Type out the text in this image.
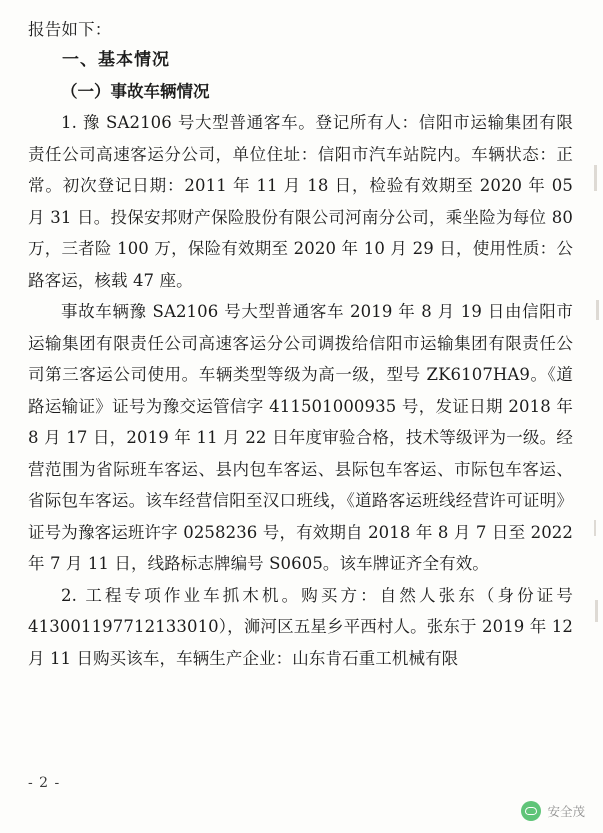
报告如下：
一、基本情况
（一）事故车辆情况
1. 豫 SA2106 号大型普通客车。登记所有人：信阳市运输集团有限责任公司高速客运分公司，单位住址：信阳市汽车站院内。车辆状态：正常。初次登记日期：2011 年 11 月 18 日，检验有效期至 2020 年 05 月 31 日。投保安邦财产保险股份有限公司河南分公司，乘坐险为每位 80 万，三者险 100 万，保险有效期至 2020 年 10 月 29 日，使用性质：公路客运，核载 47 座。
事故车辆豫 SA2106 号大型普通客车 2019 年 8 月 19 日由信阳市运输集团有限责任公司高速客运分公司调拨给信阳市运输集团有限责任公司第三客运公司使用。车辆类型等级为高一级，型号 ZK6107HA9。《道路运输证》证号为豫交运管信字 411501000935 号，发证日期 2018 年 8 月 17 日，2019 年 11 月 22 日年度审验合格，技术等级评为一级。经营范围为省际班车客运、县内包车客运、县际包车客运、市际包车客运、省际包车客运。该车经营信阳至汉口班线，《道路客运班线经营许可证明》证号为豫客运班许字 0258236 号，有效期自 2018 年 8 月 7 日至 2022 年 7 月 11 日，线路标志牌编号 S0605。该车牌证齐全有效。
2. 工程专项作业车抓木机。购买方：自然人张东（身份证号 413001197712133010），浉河区五星乡平西村人。张东于 2019 年 12 月 11 日购买该车，车辆生产企业：山东肯石重工机械有限
- 2 -
安全茂
